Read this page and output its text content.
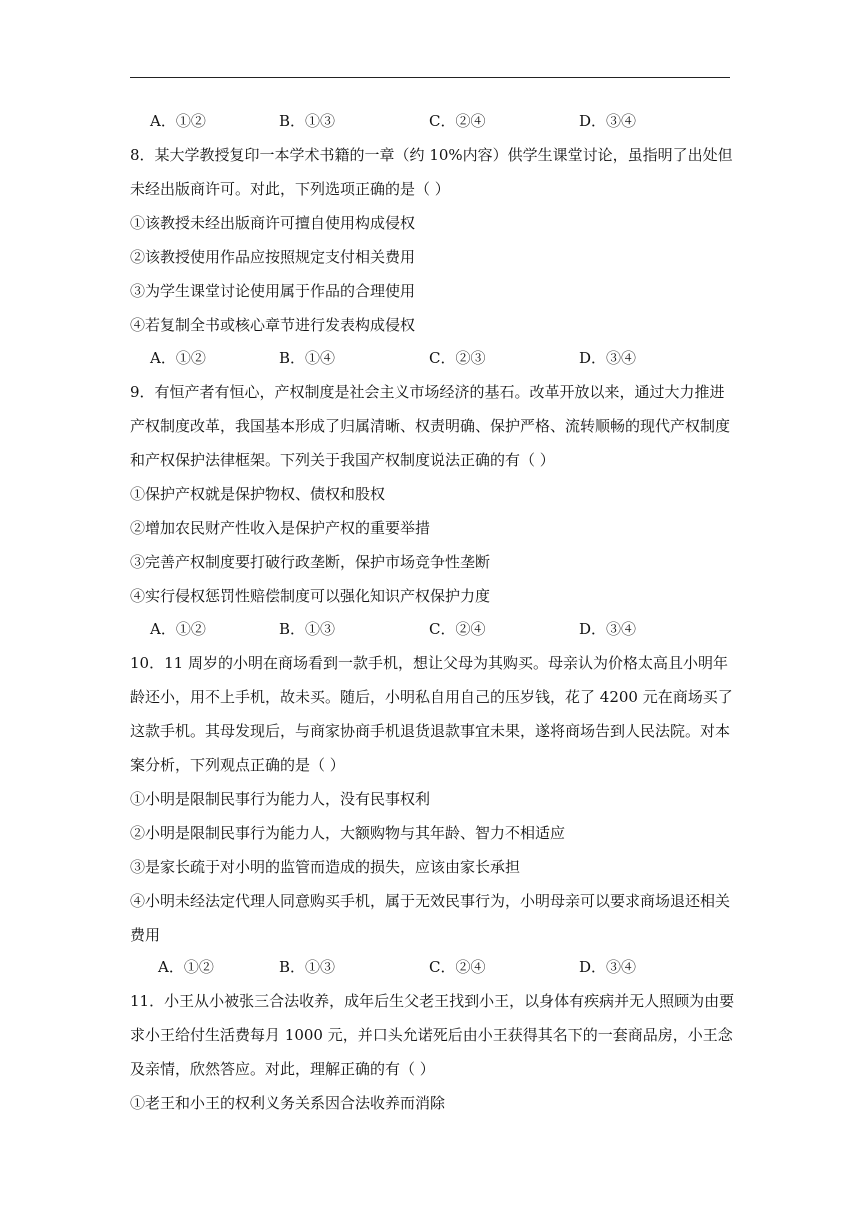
A．①②	B．①③	C．②④	D．③④
8．某大学教授复印一本学术书籍的一章（约 10%内容）供学生课堂讨论，虽指明了出处但
未经出版商许可。对此，下列选项正确的是（ ）
①该教授未经出版商许可擅自使用构成侵权
②该教授使用作品应按照规定支付相关费用
③为学生课堂讨论使用属于作品的合理使用
④若复制全书或核心章节进行发表构成侵权
A．①②	B．①④	C．②③	D．③④
9．有恒产者有恒心，产权制度是社会主义市场经济的基石。改革开放以来，通过大力推进
产权制度改革，我国基本形成了归属清晰、权责明确、保护严格、流转顺畅的现代产权制度
和产权保护法律框架。下列关于我国产权制度说法正确的有（ ）
①保护产权就是保护物权、债权和股权
②增加农民财产性收入是保护产权的重要举措
③完善产权制度要打破行政垄断，保护市场竞争性垄断
④实行侵权惩罚性赔偿制度可以强化知识产权保护力度
A．①②	B．①③	C．②④	D．③④
10．11 周岁的小明在商场看到一款手机，想让父母为其购买。母亲认为价格太高且小明年
龄还小，用不上手机，故未买。随后，小明私自用自己的压岁钱，花了 4200 元在商场买了
这款手机。其母发现后，与商家协商手机退货退款事宜未果，遂将商场告到人民法院。对本
案分析，下列观点正确的是（ ）
①小明是限制民事行为能力人，没有民事权利
②小明是限制民事行为能力人，大额购物与其年龄、智力不相适应
③是家长疏于对小明的监管而造成的损失，应该由家长承担
④小明未经法定代理人同意购买手机，属于无效民事行为，小明母亲可以要求商场退还相关
费用
A．①②	B．①③	C．②④	D．③④
11．小王从小被张三合法收养，成年后生父老王找到小王，以身体有疾病并无人照顾为由要
求小王给付生活费每月 1000 元，并口头允诺死后由小王获得其名下的一套商品房，小王念
及亲情，欣然答应。对此，理解正确的有（ ）
①老王和小王的权利义务关系因合法收养而消除
